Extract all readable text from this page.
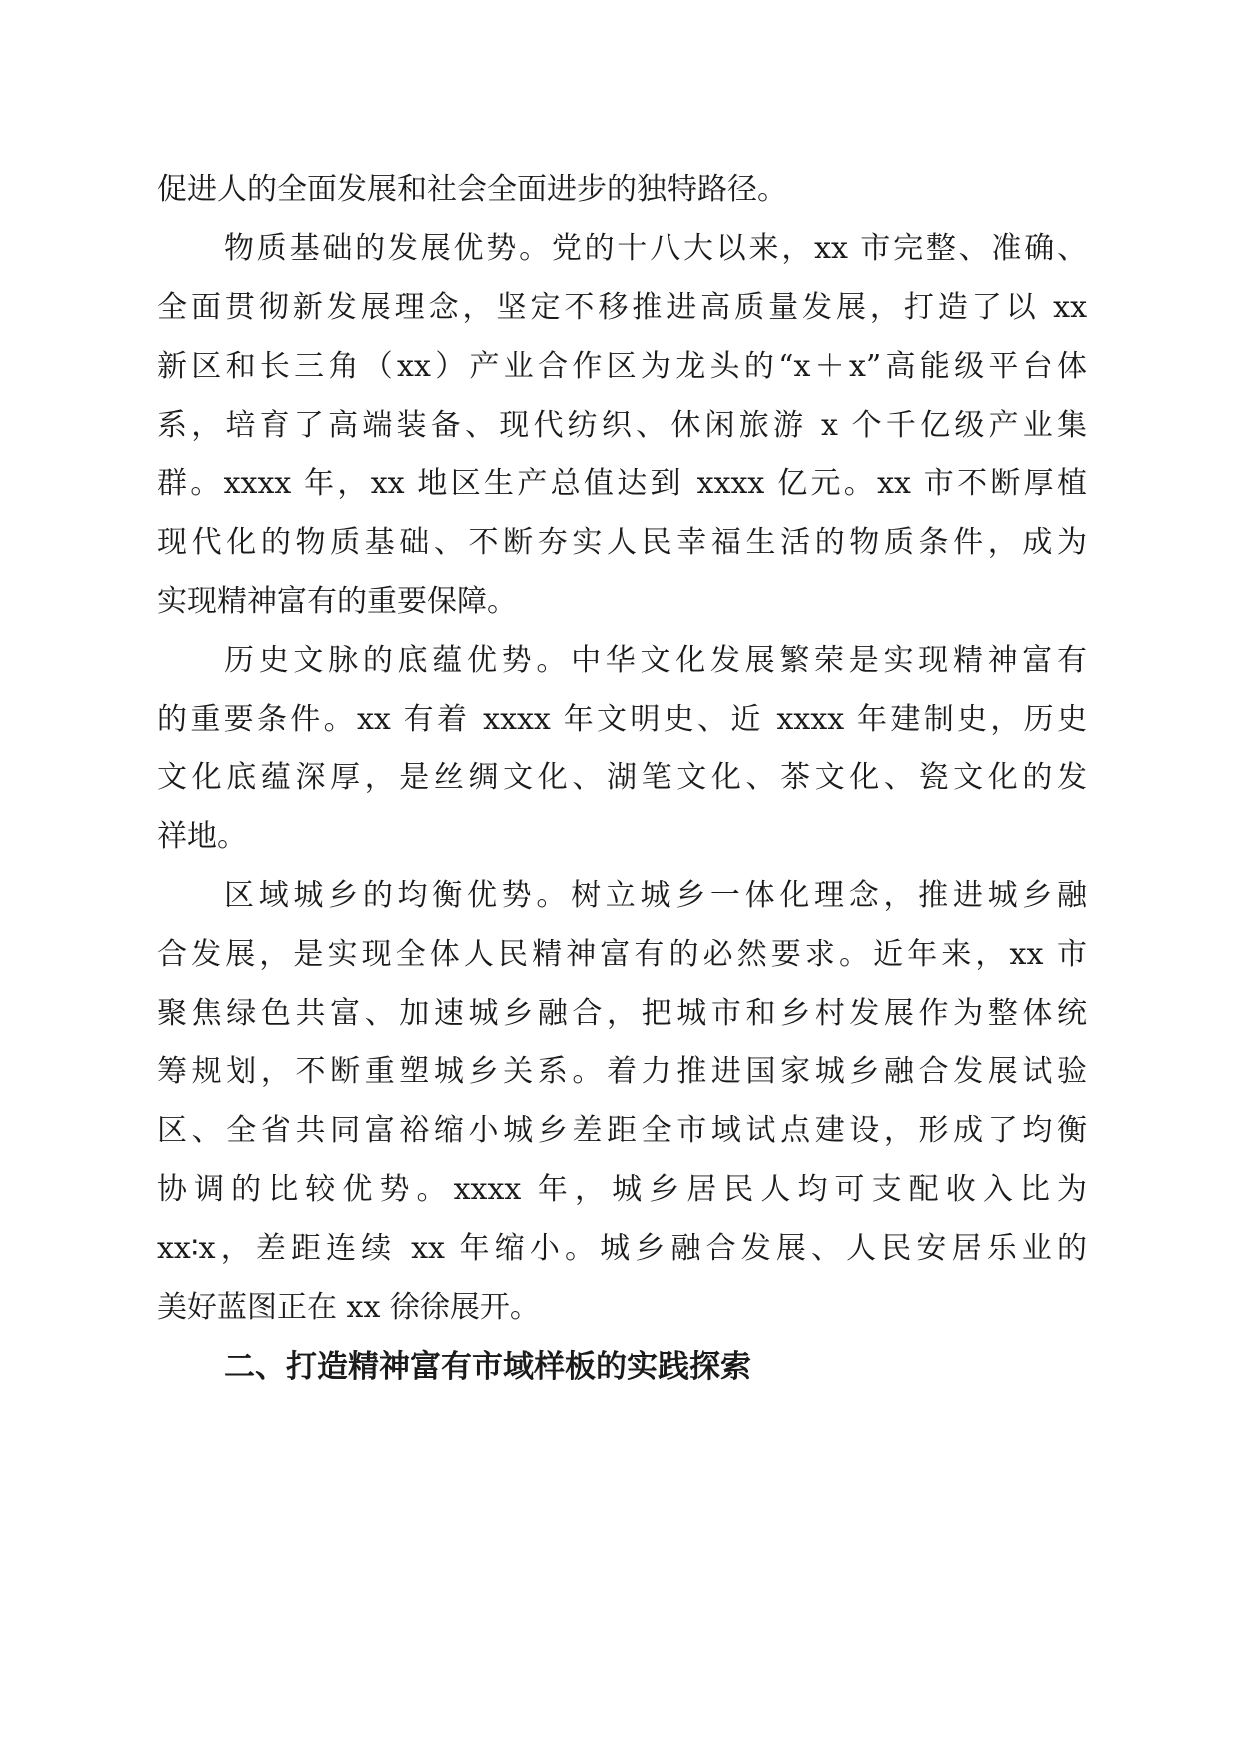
促进人的全面发展和社会全面进步的独特路径。
物质基础的发展优势。党的十八大以来，xx 市完整、准确、
全面贯彻新发展理念，坚定不移推进高质量发展，打造了以 xx
新区和长三角（xx）产业合作区为龙头的“x＋x”高能级平台体
系，培育了高端装备、现代纺织、休闲旅游 x 个千亿级产业集
群。xxxx 年，xx 地区生产总值达到 xxxx 亿元。xx 市不断厚植
现代化的物质基础、不断夯实人民幸福生活的物质条件，成为
实现精神富有的重要保障。
历史文脉的底蕴优势。中华文化发展繁荣是实现精神富有
的重要条件。xx 有着 xxxx 年文明史、近 xxxx 年建制史，历史
文化底蕴深厚，是丝绸文化、湖笔文化、茶文化、瓷文化的发
祥地。
区域城乡的均衡优势。树立城乡一体化理念，推进城乡融
合发展，是实现全体人民精神富有的必然要求。近年来，xx 市
聚焦绿色共富、加速城乡融合，把城市和乡村发展作为整体统
筹规划，不断重塑城乡关系。着力推进国家城乡融合发展试验
区、全省共同富裕缩小城乡差距全市域试点建设，形成了均衡
协调的比较优势。xxxx 年，城乡居民人均可支配收入比为
xx∶x，差距连续 xx 年缩小。城乡融合发展、人民安居乐业的
美好蓝图正在 xx 徐徐展开。
二、打造精神富有市域样板的实践探索
